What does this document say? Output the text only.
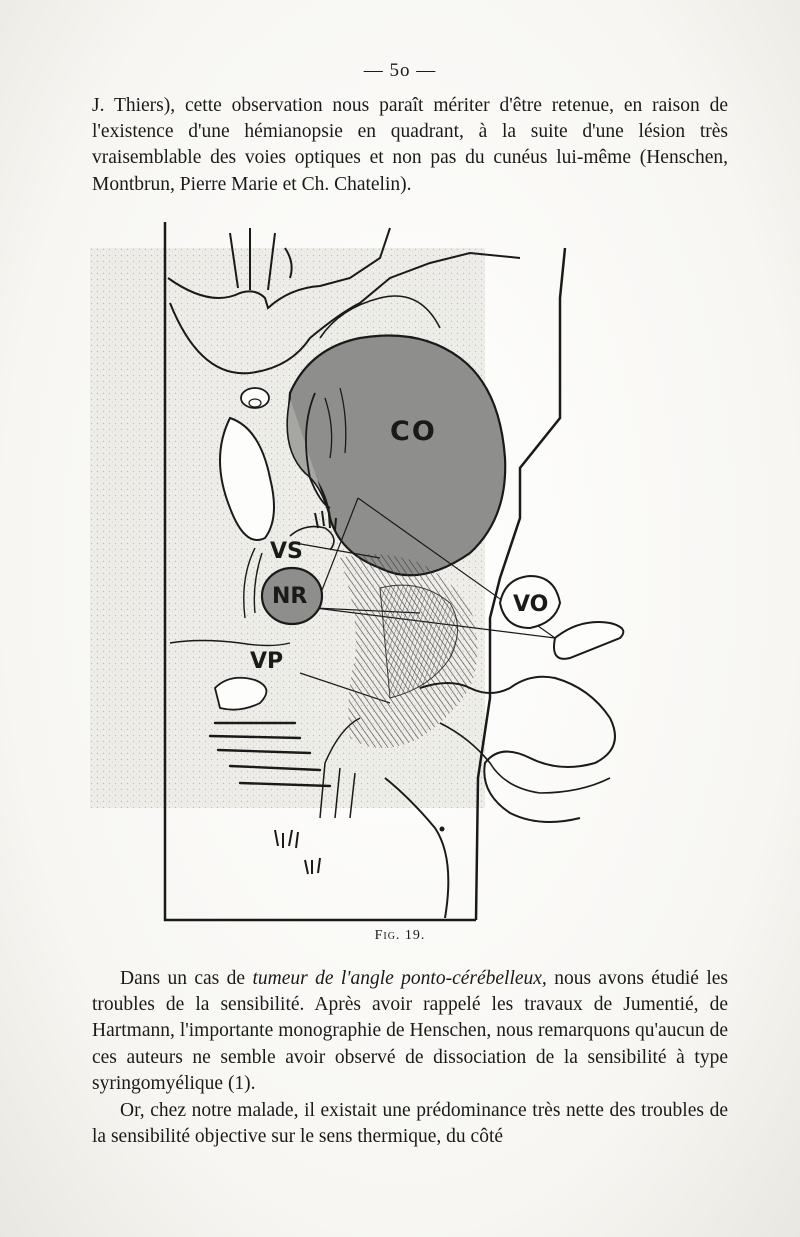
— 5o —

J. Thiers), cette observation nous paraît mériter d'être retenue, en raison de l'existence d'une hémianopsie en quadrant, à la suite d'une lésion très vraisemblable des voies optiques et non pas du cunéus lui-même (Henschen, Montbrun, Pierre Marie et Ch. Chatelin).

CO
VS
NR	VO
VP
Fig. 19.

Dans un cas de tumeur de l'angle ponto-cérébelleux, nous avons étudié les troubles de la sensibilité. Après avoir rappelé les travaux de Jumentié, de Hartmann, l'importante monographie de Henschen, nous remarquons qu'aucun de ces auteurs ne semble avoir observé de dissociation de la sensibilité à type syringomyélique (1).

Or, chez notre malade, il existait une prédominance très nette des troubles de la sensibilité objective sur le sens thermique, du côté
